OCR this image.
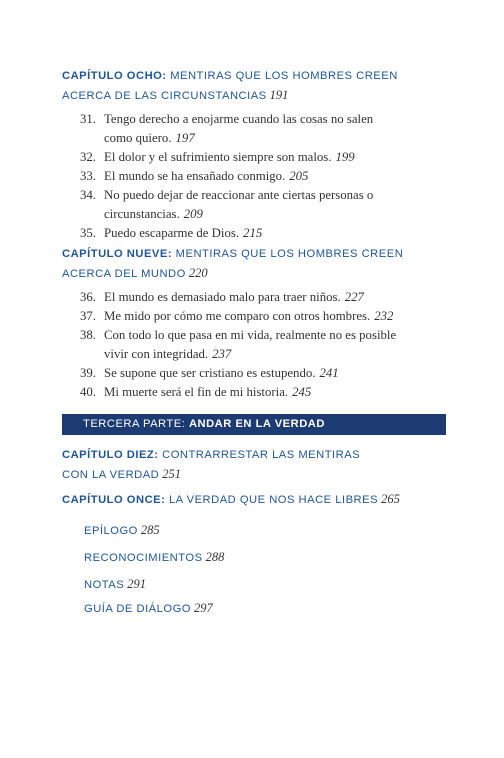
CAPÍTULO OCHO: MENTIRAS QUE LOS HOMBRES CREEN
ACERCA DE LAS CIRCUNSTANCIAS 191

31. Tengo derecho a enojarme cuando las cosas no salen
como quiero. 197
32. El dolor y el sufrimiento siempre son malos. 199
33. El mundo se ha ensañado conmigo. 205
34. No puedo dejar de reaccionar ante ciertas personas o
circunstancias. 209
35. Puedo escaparme de Dios. 215

CAPÍTULO NUEVE: MENTIRAS QUE LOS HOMBRES CREEN
ACERCA DEL MUNDO 220

36. El mundo es demasiado malo para traer niños. 227
37. Me mido por cómo me comparo con otros hombres. 232
38. Con todo lo que pasa en mi vida, realmente no es posible
vivir con integridad. 237
39. Se supone que ser cristiano es estupendo. 241
40. Mi muerte será el fin de mi historia. 245
TERCERA PARTE: ANDAR EN LA VERDAD

CAPÍTULO DIEZ: CONTRARRESTAR LAS MENTIRAS
CON LA VERDAD 251

CAPÍTULO ONCE: LA VERDAD QUE NOS HACE LIBRES 265

EPÍLOGO 285

RECONOCIMIENTOS 288

NOTAS 291

GUÍA DE DIÁLOGO 297
